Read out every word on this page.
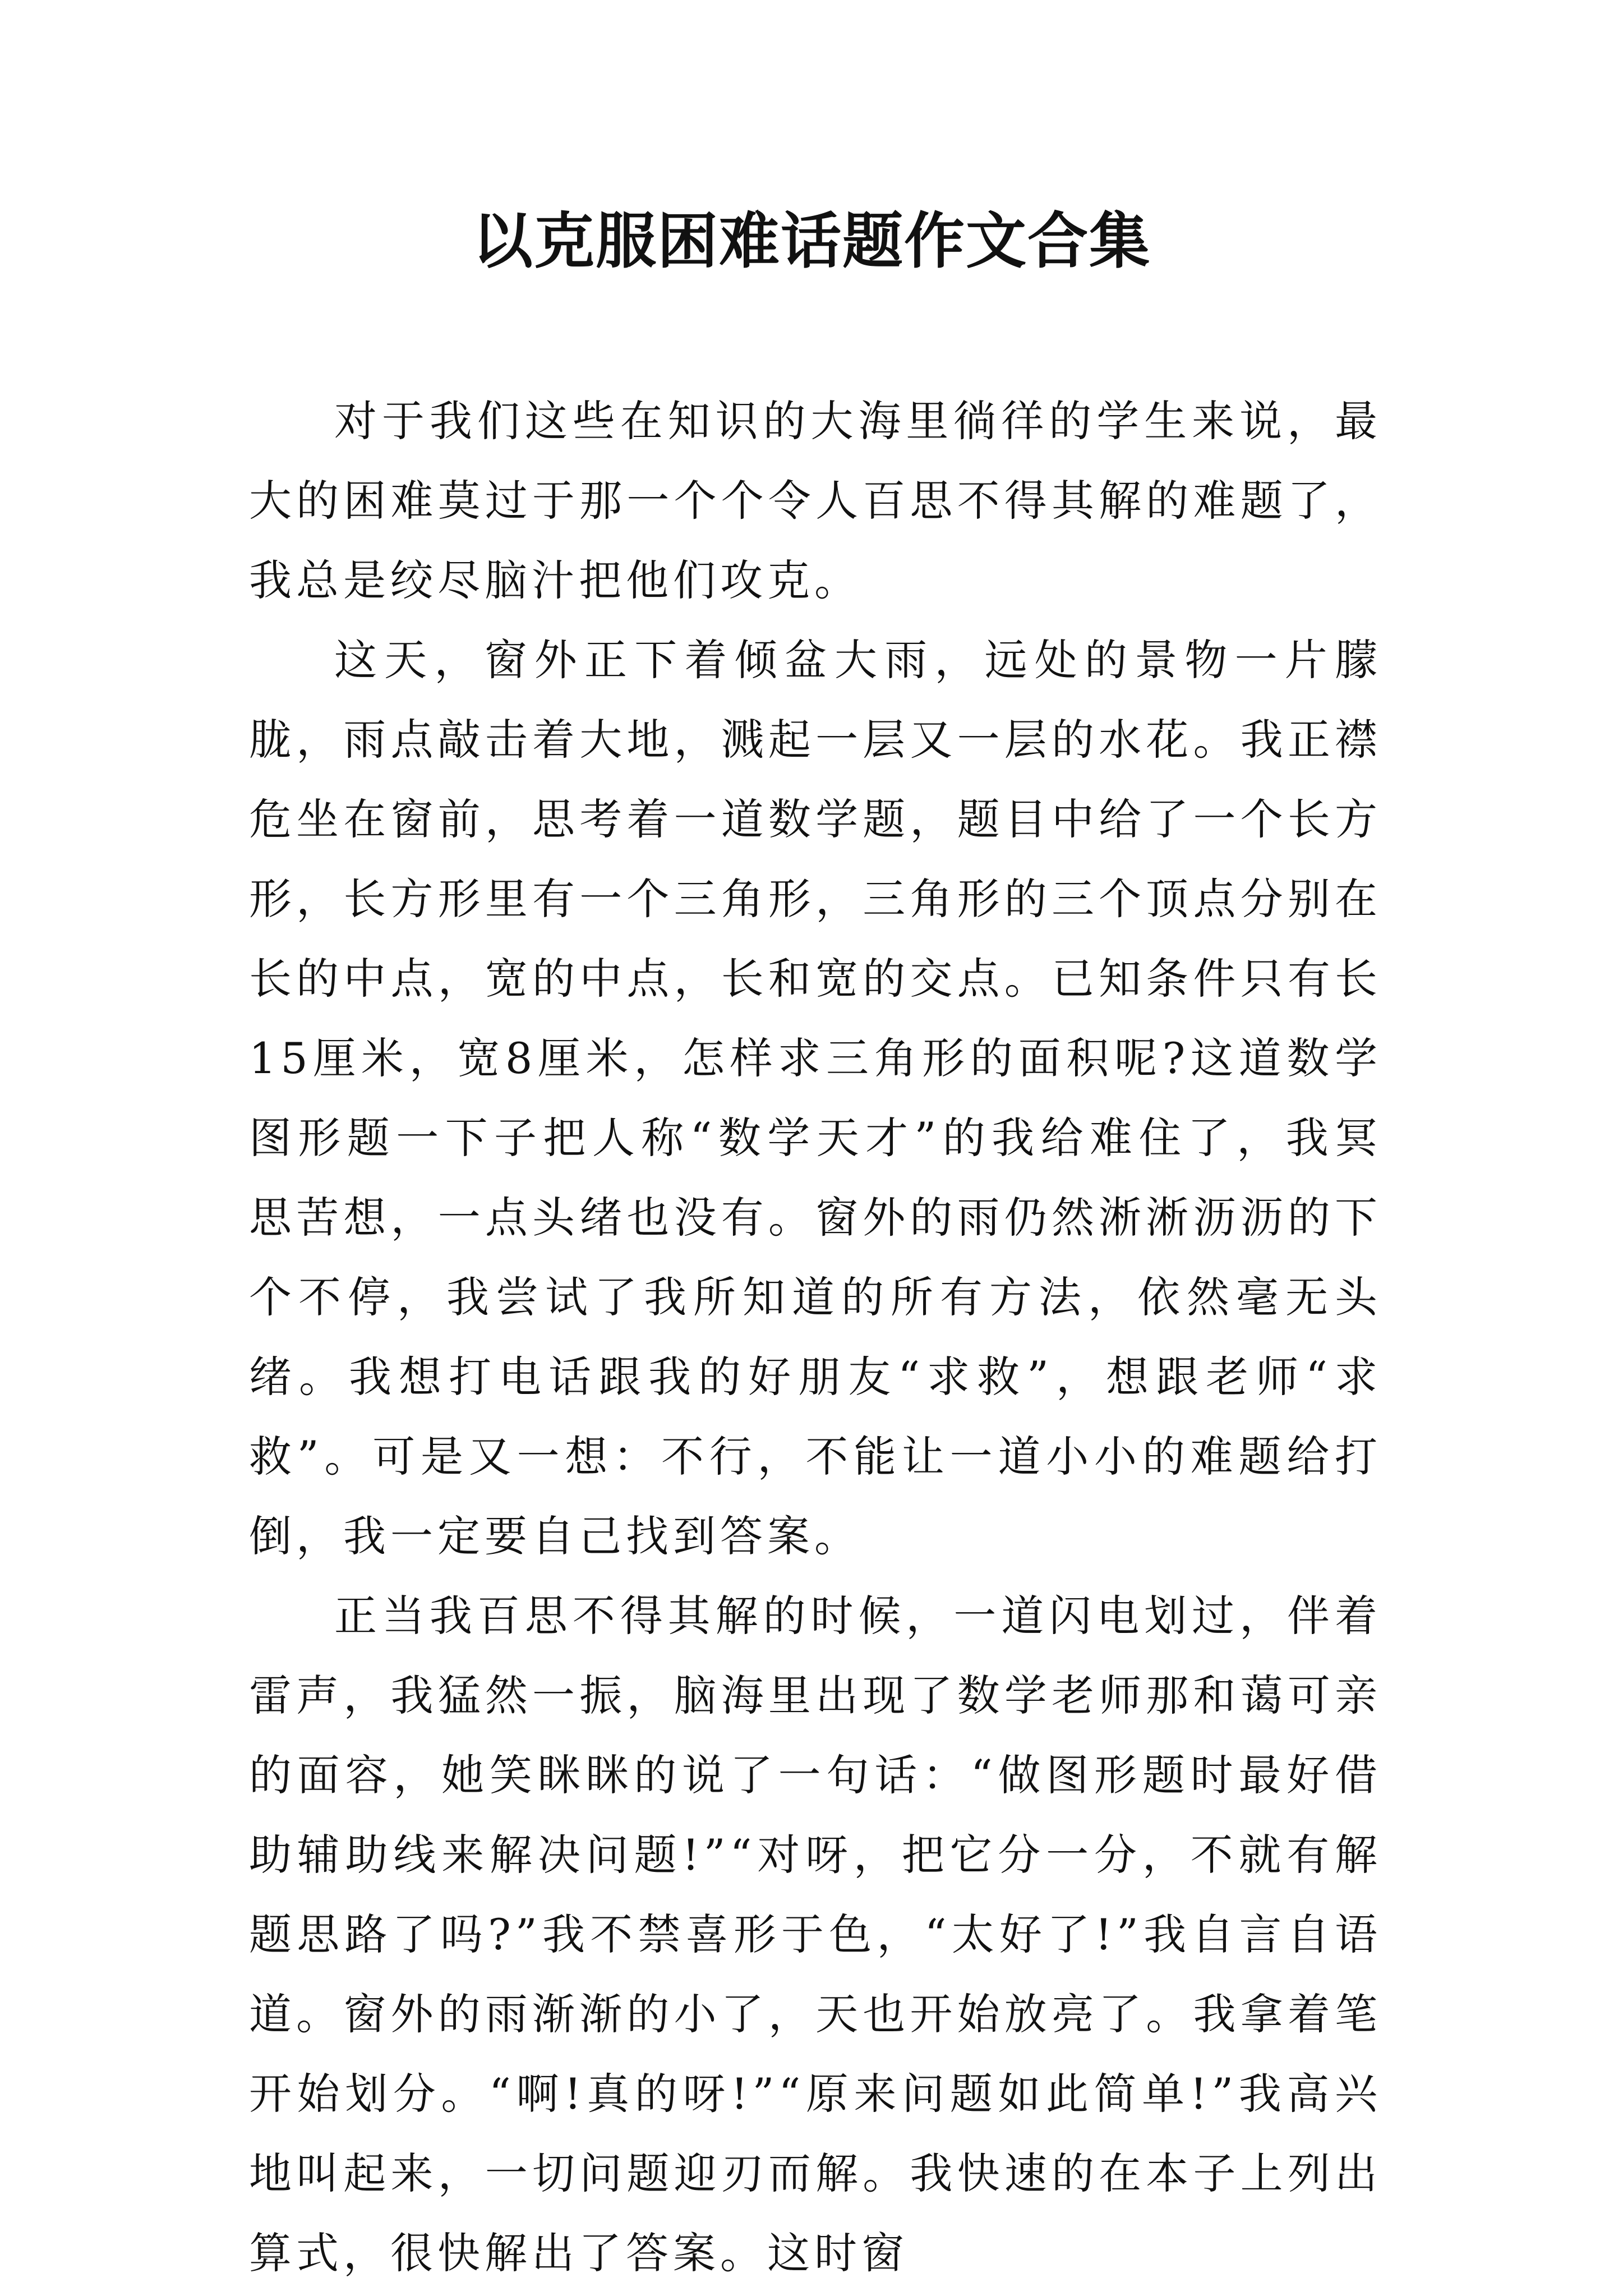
以克服困难话题作文合集

对于我们这些在知识的大海里徜徉的学生来说，最大的困难莫过于那一个个令人百思不得其解的难题了，我总是绞尽脑汁把他们攻克。

这天，窗外正下着倾盆大雨，远处的景物一片朦胧，雨点敲击着大地，溅起一层又一层的水花。我正襟危坐在窗前，思考着一道数学题，题目中给了一个长方形，长方形里有一个三角形，三角形的三个顶点分别在长的中点，宽的中点，长和宽的交点。已知条件只有长15厘米，宽8厘米，怎样求三角形的面积呢?这道数学图形题一下子把人称“数学天才”的我给难住了，我冥思苦想，一点头绪也没有。窗外的雨仍然淅淅沥沥的下个不停，我尝试了我所知道的所有方法，依然毫无头绪。我想打电话跟我的好朋友“求救”，想跟老师“求救”。可是又一想：不行，不能让一道小小的难题给打倒，我一定要自己找到答案。

正当我百思不得其解的时候，一道闪电划过，伴着雷声，我猛然一振，脑海里出现了数学老师那和蔼可亲的面容，她笑眯眯的说了一句话：“做图形题时最好借助辅助线来解决问题!”“对呀，把它分一分，不就有解题思路了吗?”我不禁喜形于色，“太好了!”我自言自语道。窗外的雨渐渐的小了，天也开始放亮了。我拿着笔开始划分。“啊!真的呀!”“原来问题如此简单!”我高兴地叫起来，一切问题迎刃而解。我快速的在本子上列出算式，很快解出了答案。这时窗
